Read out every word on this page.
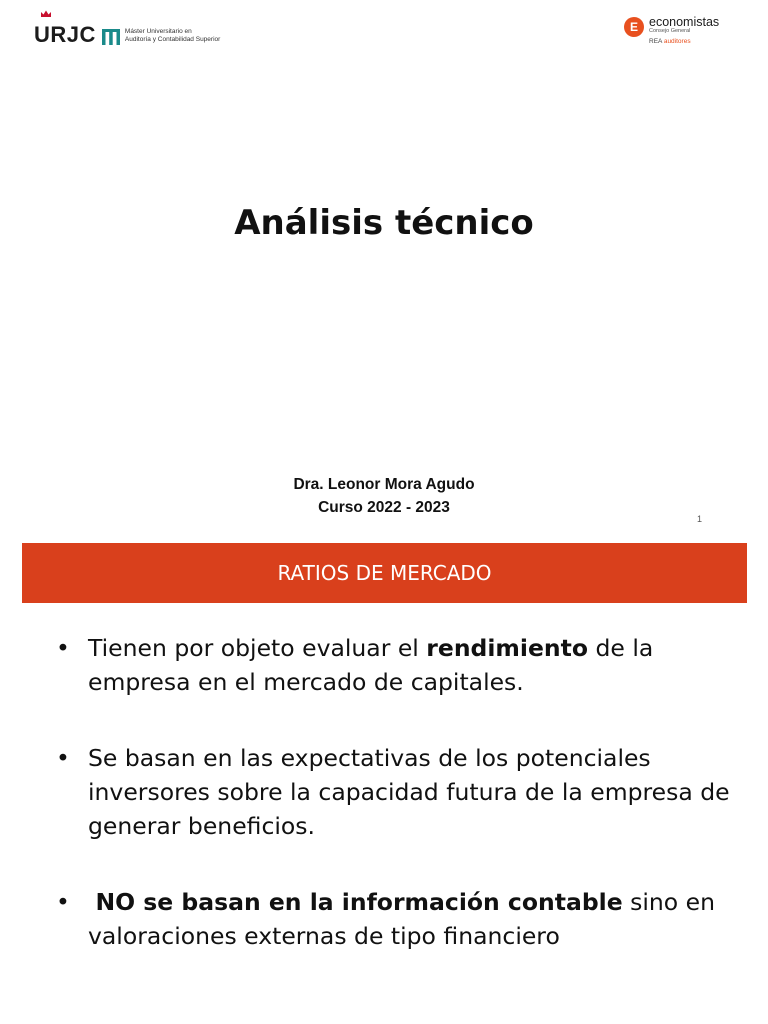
URJC	Máster Universitario en
Auditoría y Contabilidad Superior
E economistas
Consejo General
REA auditores
Análisis técnico
Dra. Leonor Mora Agudo
Curso 2022 - 2023
1
RATIOS DE MERCADO
• Tienen por objeto evaluar el rendimiento de la empresa en el mercado de capitales.
• Se basan en las expectativas de los potenciales inversores sobre la capacidad futura de la empresa de generar beneficios.
•	NO se basan en la información contable sino en valoraciones externas de tipo financiero
